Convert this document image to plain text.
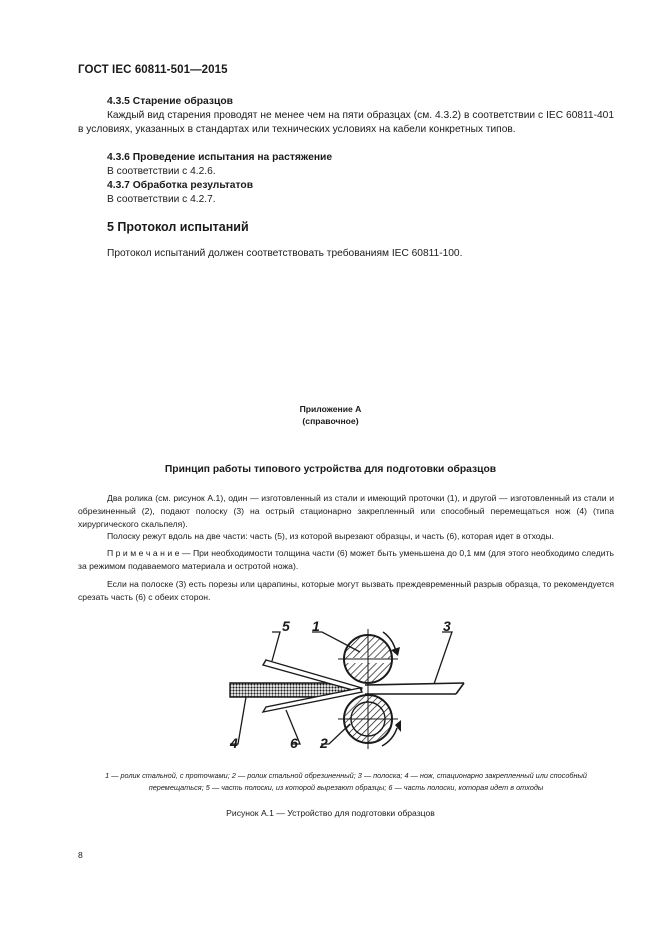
ГОСТ IEC 60811-501—2015
4.3.5 Старение образцов
Каждый вид старения проводят не менее чем на пяти образцах (см. 4.3.2) в соответствии с IEC 60811-401 в условиях, указанных в стандартах или технических условиях на кабели конкретных типов.
4.3.6 Проведение испытания на растяжение
В соответствии с 4.2.6.
4.3.7 Обработка результатов
В соответствии с 4.2.7.
5 Протокол испытаний
Протокол испытаний должен соответствовать требованиям IEC 60811-100.
Приложение А
(справочное)
Принцип работы типового устройства для подготовки образцов
Два ролика (см. рисунок А.1), один — изготовленный из стали и имеющий проточки (1), и другой — изготовленный из стали и обрезиненный (2), подают полоску (3) на острый стационарно закрепленный или способный перемещаться нож (4) (типа хирургического скальпеля).
Полоску режут вдоль на две части: часть (5), из которой вырезают образцы, и часть (6), которая идет в отходы.
П р и м е ч а н и е — При необходимости толщина части (6) может быть уменьшена до 0,1 мм (для этого необходимо следить за режимом подаваемого материала и остротой ножа).
Если на полоске (3) есть порезы или царапины, которые могут вызвать преждевременный разрыв образца, то рекомендуется срезать часть (6) с обеих сторон.
5 1	3
4	6 2
1 — ролик стальной, с проточками; 2 — ролик стальной обрезиненный; 3 — полоска; 4 — нож, стационарно закрепленный или способный перемещаться; 5 — часть полоски, из которой вырезают образцы; 6 — часть полоски, которая идет в отходы
Рисунок А.1 — Устройство для подготовки образцов
8
